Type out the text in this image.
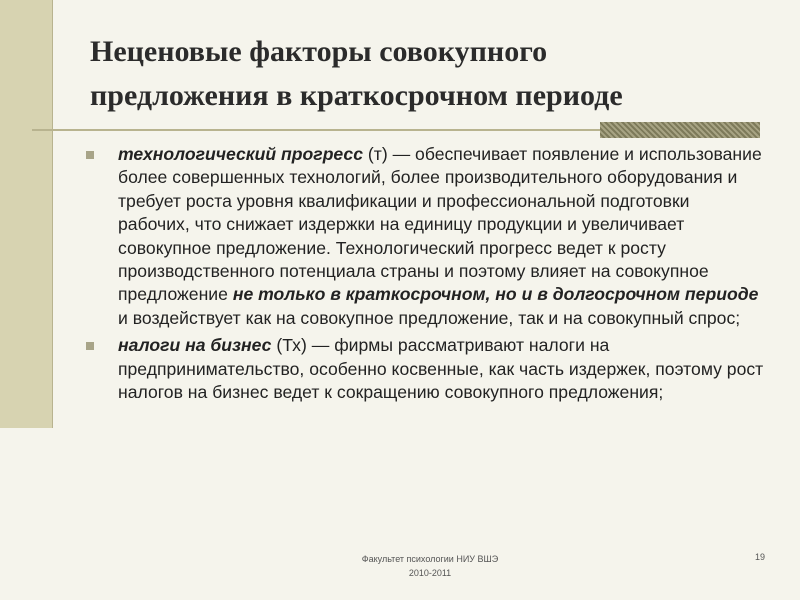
Неценовые факторы совокупного
предложения в краткосрочном периоде
технологический прогресс (т) — обеспечивает появление и использование более совершенных технологий, более производительного оборудования и требует роста уровня квалификации и профессиональной подготовки рабочих, что снижает издержки на единицу продукции и увеличивает совокупное предложение. Технологический прогресс ведет к росту производственного потенциала страны и поэтому влияет на совокупное предложение не только в краткосрочном, но и в долгосрочном периоде и воздействует как на совокупное предложение, так и на совокупный спрос;
налоги на бизнес (Тх) — фирмы рассматривают налоги на предпринимательство, особенно косвенные, как часть издержек, поэтому рост налогов на бизнес ведет к сокращению совокупного предложения;
Факультет психологии НИУ ВШЭ
2010-2011
19
